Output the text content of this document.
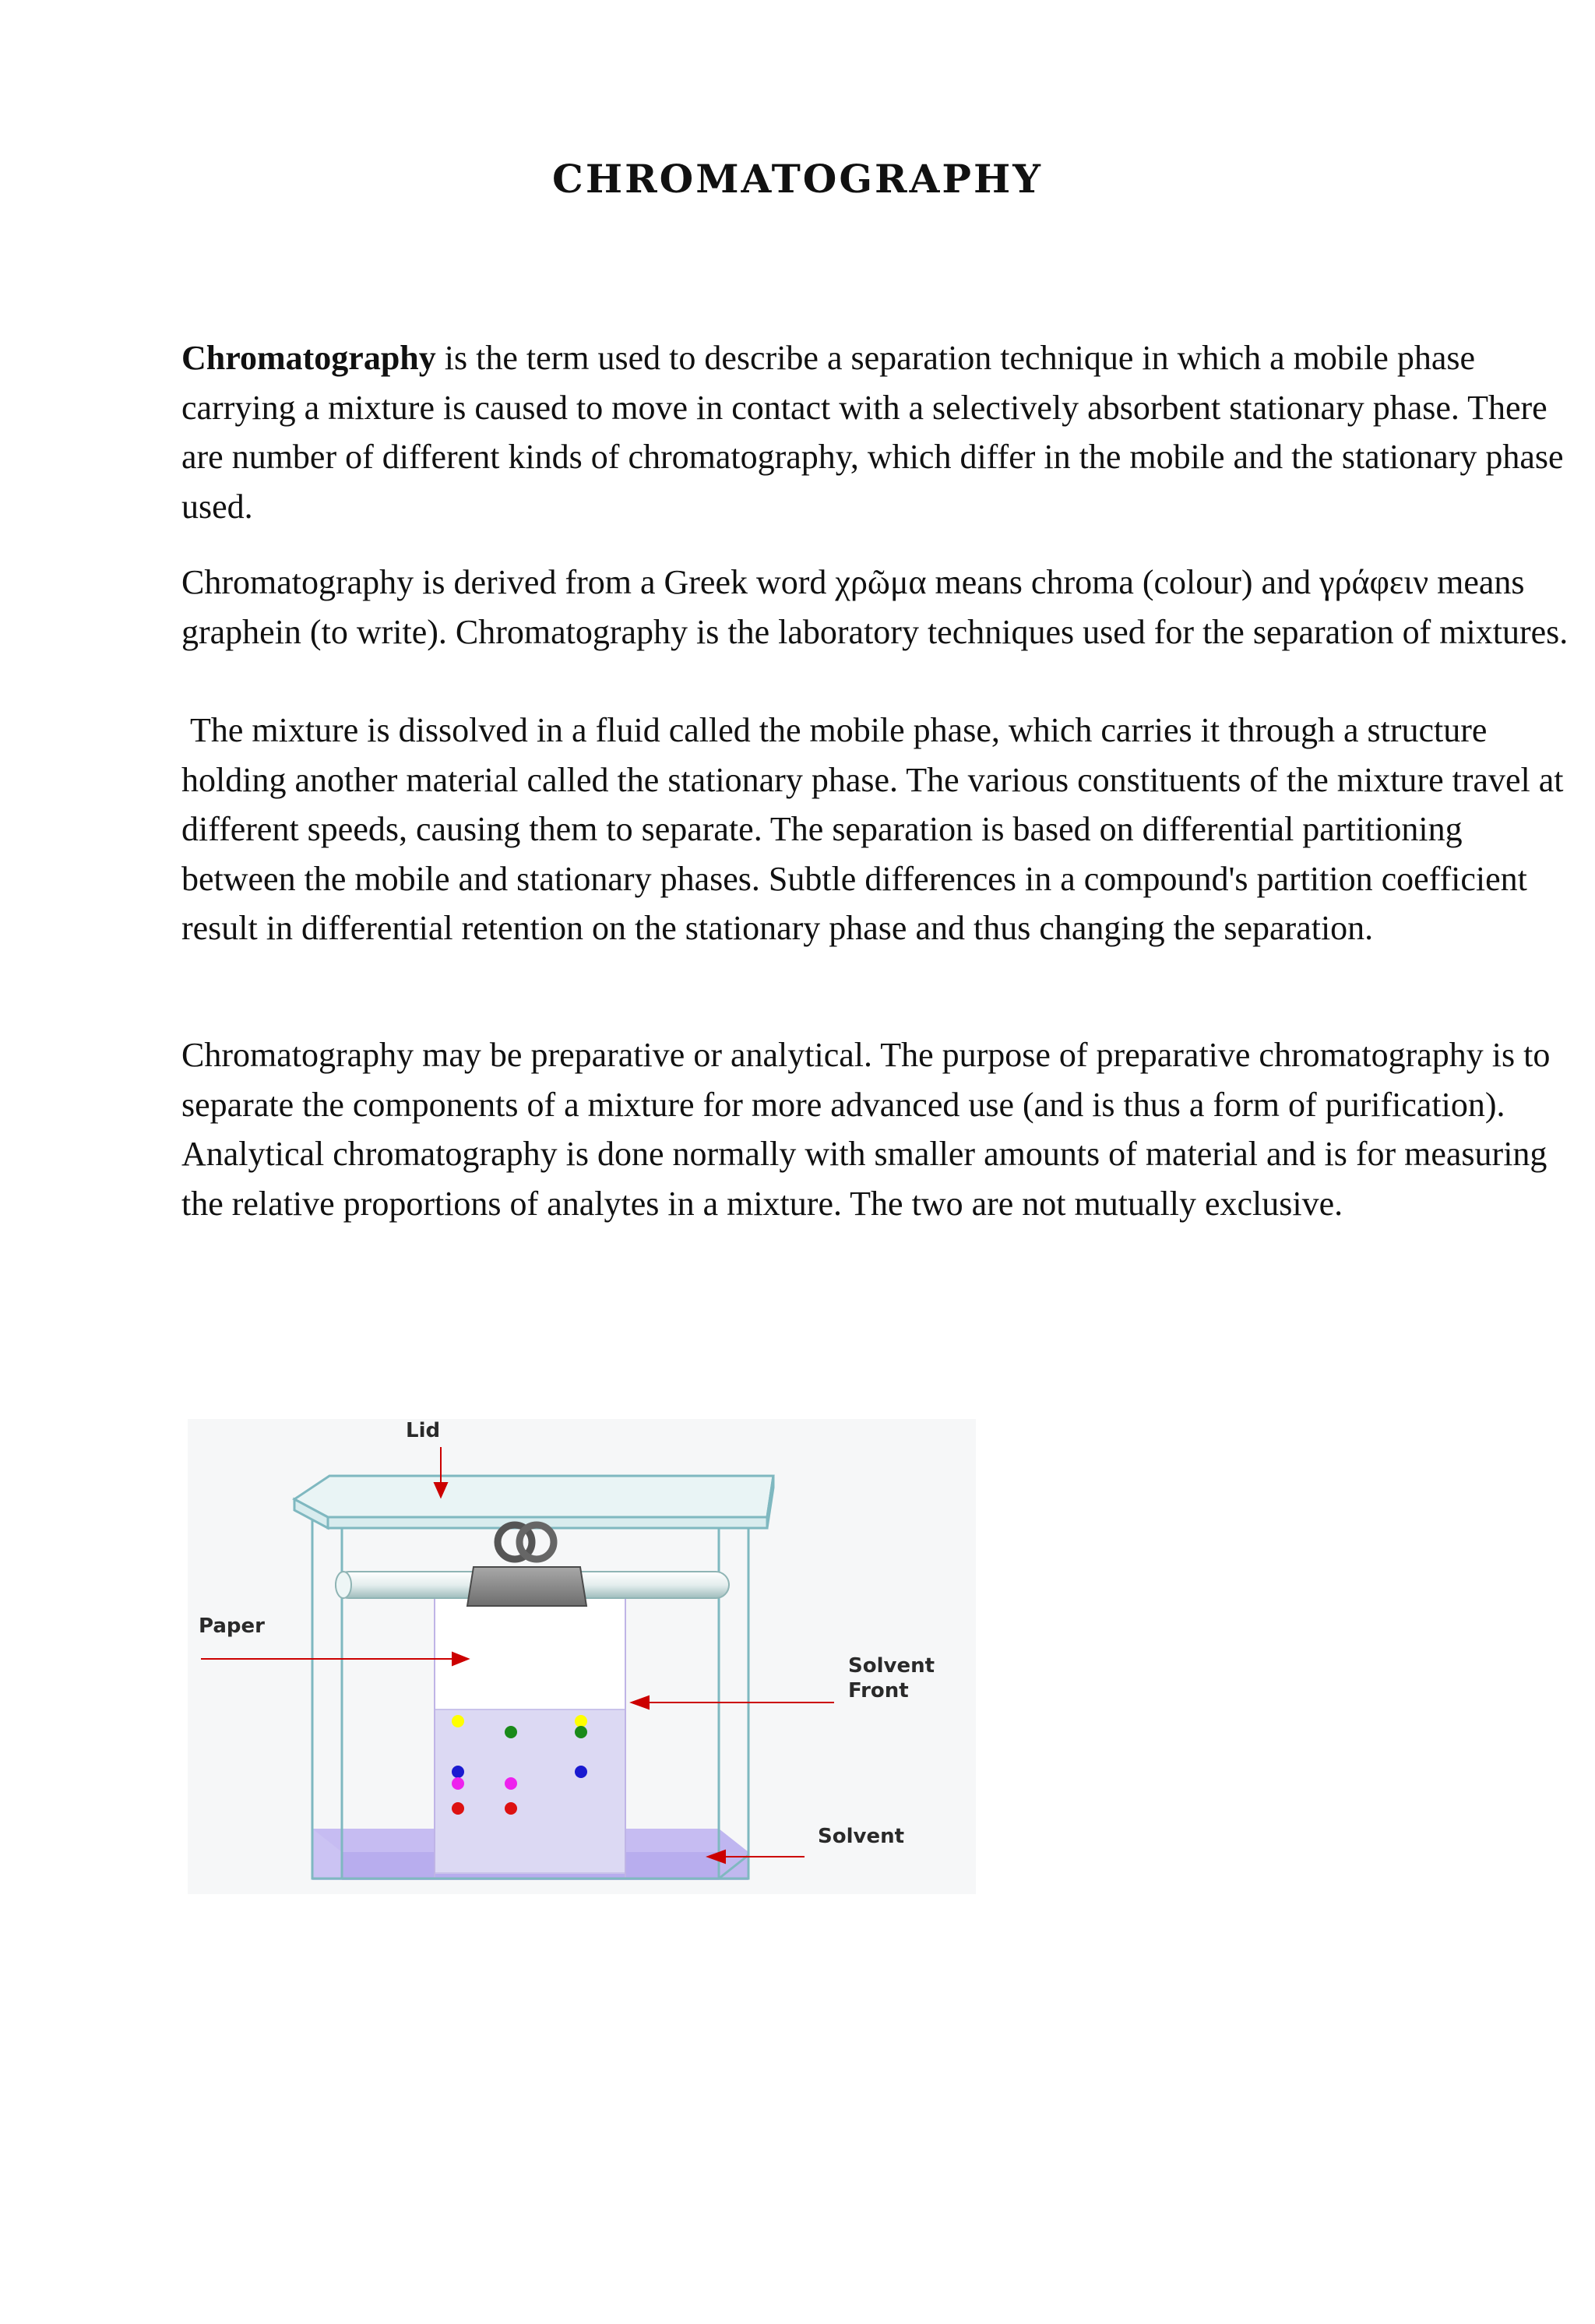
CHROMATOGRAPHY

Chromatography is the term used to describe a separation technique in which a mobile phase carrying a mixture is caused to move in contact with a selectively absorbent stationary phase. There are number of different kinds of chromatography, which differ in the mobile and the stationary phase used.

Chromatography is derived from a Greek word χρῶμα means chroma (colour) and γράφειν means graphein (to write). Chromatography is the laboratory techniques used for the separation of mixtures.

The mixture is dissolved in a fluid called the mobile phase, which carries it through a structure holding another material called the stationary phase. The various constituents of the mixture travel at different speeds, causing them to separate. The separation is based on differential partitioning between the mobile and stationary phases. Subtle differences in a compound's partition coefficient result in differential retention on the stationary phase and thus changing the separation.

Chromatography may be preparative or analytical. The purpose of preparative chromatography is to separate the components of a mixture for more advanced use (and is thus a form of purification). Analytical chromatography is done normally with smaller amounts of material and is for measuring the relative proportions of analytes in a mixture. The two are not mutually exclusive.

Lid
Paper
Solvent
Front
Solvent
